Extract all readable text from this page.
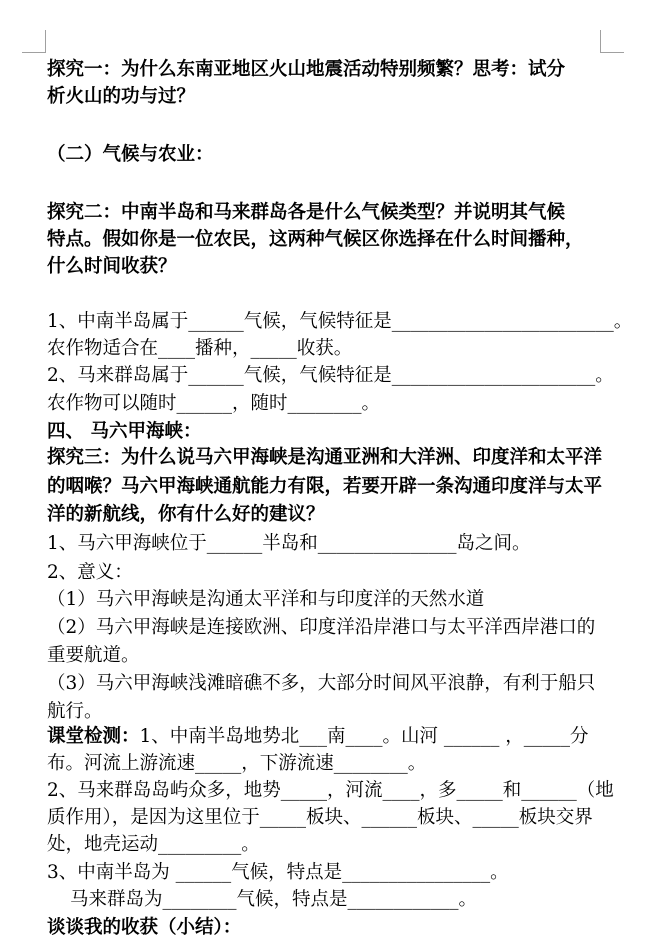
探究一：为什么东南亚地区火山地震活动特别频繁？思考：试分
析火山的功与过？
（二）气候与农业：
探究二：中南半岛和马来群岛各是什么气候类型？并说明其气候
特点。假如你是一位农民，这两种气候区你选择在什么时间播种，
什么时间收获？
1、中南半岛属于______气候，气候特征是________________________。
农作物适合在____播种，_____收获。
2、马来群岛属于______气候，气候特征是______________________。
农作物可以随时______，随时________。
四、 马六甲海峡：
探究三：为什么说马六甲海峡是沟通亚洲和大洋洲、印度洋和太平洋
的咽喉？马六甲海峡通航能力有限，若要开辟一条沟通印度洋与太平
洋的新航线，你有什么好的建议？
1、马六甲海峡位于______半岛和_______________岛之间。
2、意义：
（1）马六甲海峡是沟通太平洋和与印度洋的天然水道
（2）马六甲海峡是连接欧洲、印度洋沿岸港口与太平洋西岸港口的
重要航道。
（3）马六甲海峡浅滩暗礁不多，大部分时间风平浪静，有利于船只
航行。
课堂检测：1、中南半岛地势北___南____。山河 ______ ，_____分
布。河流上游流速_____，下游流速________。
2、马来群岛岛屿众多，地势_____，河流____，多_____和______（地
质作用），是因为这里位于_____板块、______板块、_____板块交界
处，地壳运动_________。
3、中南半岛为 ______气候，特点是________________。
马来群岛为________气候，特点是____________。
谈谈我的收获（小结）：
